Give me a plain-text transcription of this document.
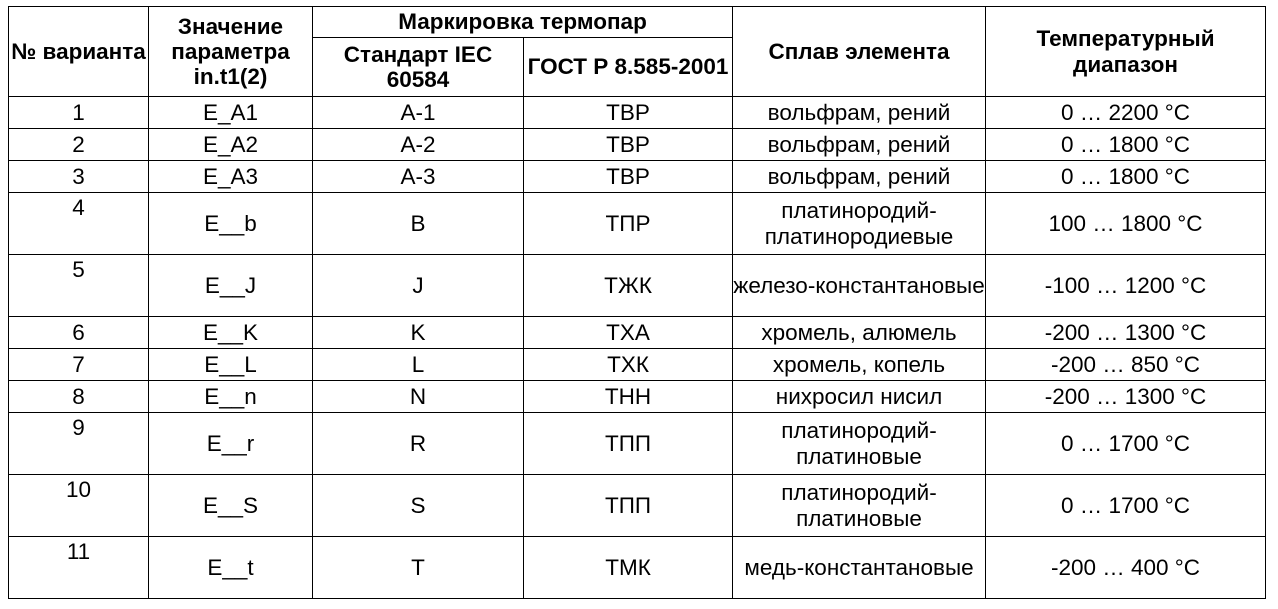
№ варианта	Значение параметра in.t1(2)	Маркировка термопар		Сплав элемента	Температурный диапазон
		Стандарт IEC 60584	ГОСТ Р 8.585-2001		
1	E_A1	A-1	ТВР	вольфрам, рений	0 … 2200 °С
2	E_A2	A-2	ТВР	вольфрам, рений	0 … 1800 °С
3	E_A3	A-3	ТВР	вольфрам, рений	0 … 1800 °С

4	E__b	B	ТПР	платинородий-платинородиевые	100 … 1800 °С

5	E__J	J	ТЖК	железо-константановые	-100 … 1200 °С
6	E__K	K	ТХА	хромель, алюмель	-200 … 1300 °С
7	E__L	L	ТХК	хромель, копель	-200 … 850 °С
8	E__n	N	ТНН	нихросил нисил	-200 … 1300 °С

9	E__r	R	ТПП	платинородий-платиновые	0 … 1700 °С

10	E__S	S	ТПП	платинородий-платиновые	0 … 1700 °С

11	E__t	T	ТМК	медь-константановые	-200 … 400 °С
